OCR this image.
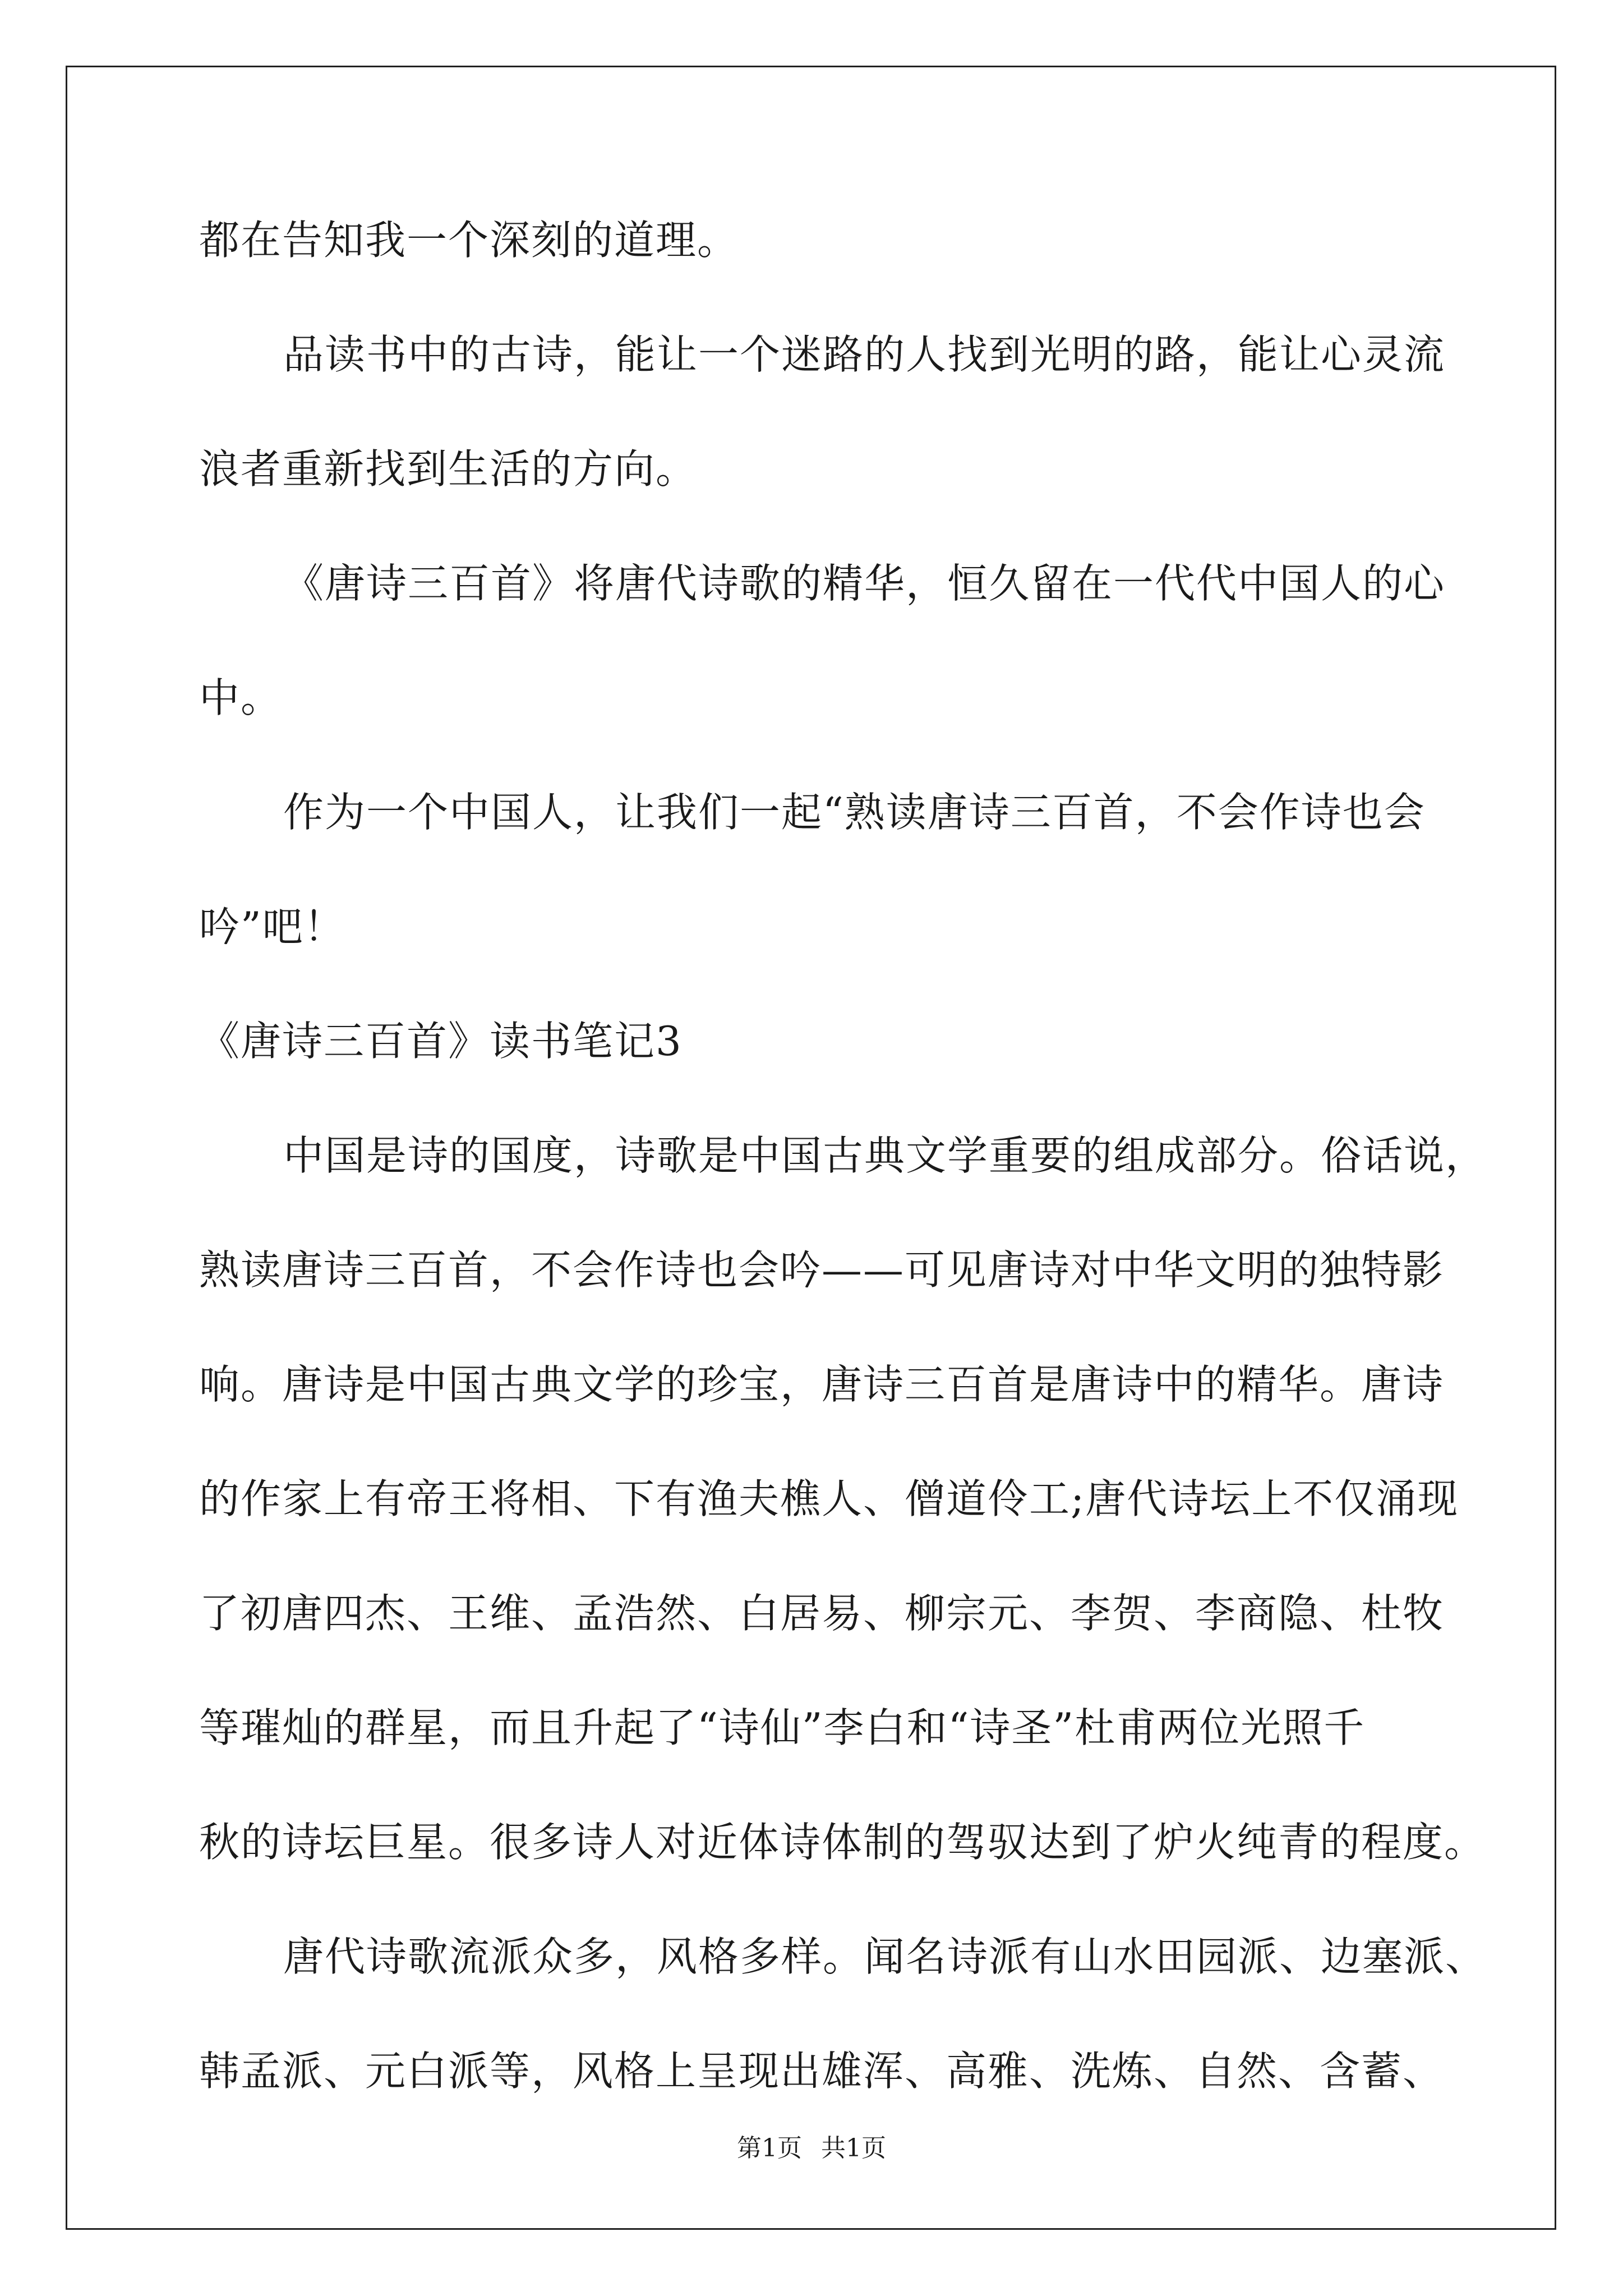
都在告知我一个深刻的道理。
品读书中的古诗，能让一个迷路的人找到光明的路，能让心灵流
浪者重新找到生活的方向。
《唐诗三百首》将唐代诗歌的精华，恒久留在一代代中国人的心
中。
作为一个中国人，让我们一起“熟读唐诗三百首，不会作诗也会
吟”吧！
《唐诗三百首》读书笔记3
中国是诗的国度，诗歌是中国古典文学重要的组成部分。俗话说，
熟读唐诗三百首，不会作诗也会吟——可见唐诗对中华文明的独特影
响。唐诗是中国古典文学的珍宝，唐诗三百首是唐诗中的精华。唐诗
的作家上有帝王将相、下有渔夫樵人、僧道伶工;唐代诗坛上不仅涌现
了初唐四杰、王维、孟浩然、白居易、柳宗元、李贺、李商隐、杜牧
等璀灿的群星，而且升起了“诗仙”李白和“诗圣”杜甫两位光照千
秋的诗坛巨星。很多诗人对近体诗体制的驾驭达到了炉火纯青的程度。
唐代诗歌流派众多，风格多样。闻名诗派有山水田园派、边塞派、
韩孟派、元白派等，风格上呈现出雄浑、高雅、洗炼、自然、含蓄、
第1页 共1页
